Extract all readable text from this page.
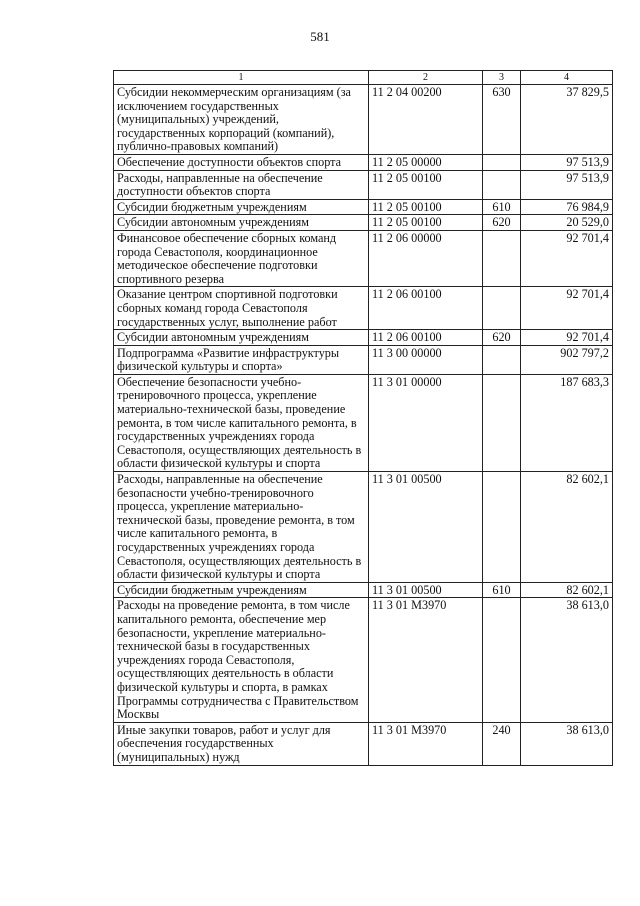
581
1	2	3	4
Субсидии некоммерческим организациям (за исключением государственных (муниципальных) учреждений, государственных корпораций (компаний), публично-правовых компаний)	11 2 04 00200	630	37 829,5
Обеспечение доступности объектов спорта	11 2 05 00000		97 513,9
Расходы, направленные на обеспечение доступности объектов спорта	11 2 05 00100		97 513,9
Субсидии бюджетным учреждениям	11 2 05 00100	610	76 984,9
Субсидии автономным учреждениям	11 2 05 00100	620	20 529,0
Финансовое обеспечение сборных команд города Севастополя, координационное методическое обеспечение подготовки спортивного резерва	11 2 06 00000		92 701,4
Оказание центром спортивной подготовки сборных команд города Севастополя государственных услуг, выполнение работ	11 2 06 00100		92 701,4
Субсидии автономным учреждениям	11 2 06 00100	620	92 701,4
Подпрограмма «Развитие инфраструктуры физической культуры и спорта»	11 3 00 00000		902 797,2
Обеспечение безопасности учебно-тренировочного процесса, укрепление материально-технической базы, проведение ремонта, в том числе капитального ремонта, в государственных учреждениях города Севастополя, осуществляющих деятельность в области физической культуры и спорта	11 3 01 00000		187 683,3
Расходы, направленные на обеспечение безопасности учебно-тренировочного процесса, укрепление материально-технической базы, проведение ремонта, в том числе капитального ремонта, в государственных учреждениях города Севастополя, осуществляющих деятельность в области физической культуры и спорта	11 3 01 00500		82 602,1
Субсидии бюджетным учреждениям	11 3 01 00500	610	82 602,1
Расходы на проведение ремонта, в том числе капитального ремонта, обеспечение мер безопасности, укрепление материально-технической базы в государственных учреждениях города Севастополя, осуществляющих деятельность в области физической культуры и спорта, в рамках Программы сотрудничества с Правительством Москвы	11 3 01 М3970		38 613,0
Иные закупки товаров, работ и услуг для обеспечения государственных (муниципальных) нужд	11 3 01 М3970	240	38 613,0
